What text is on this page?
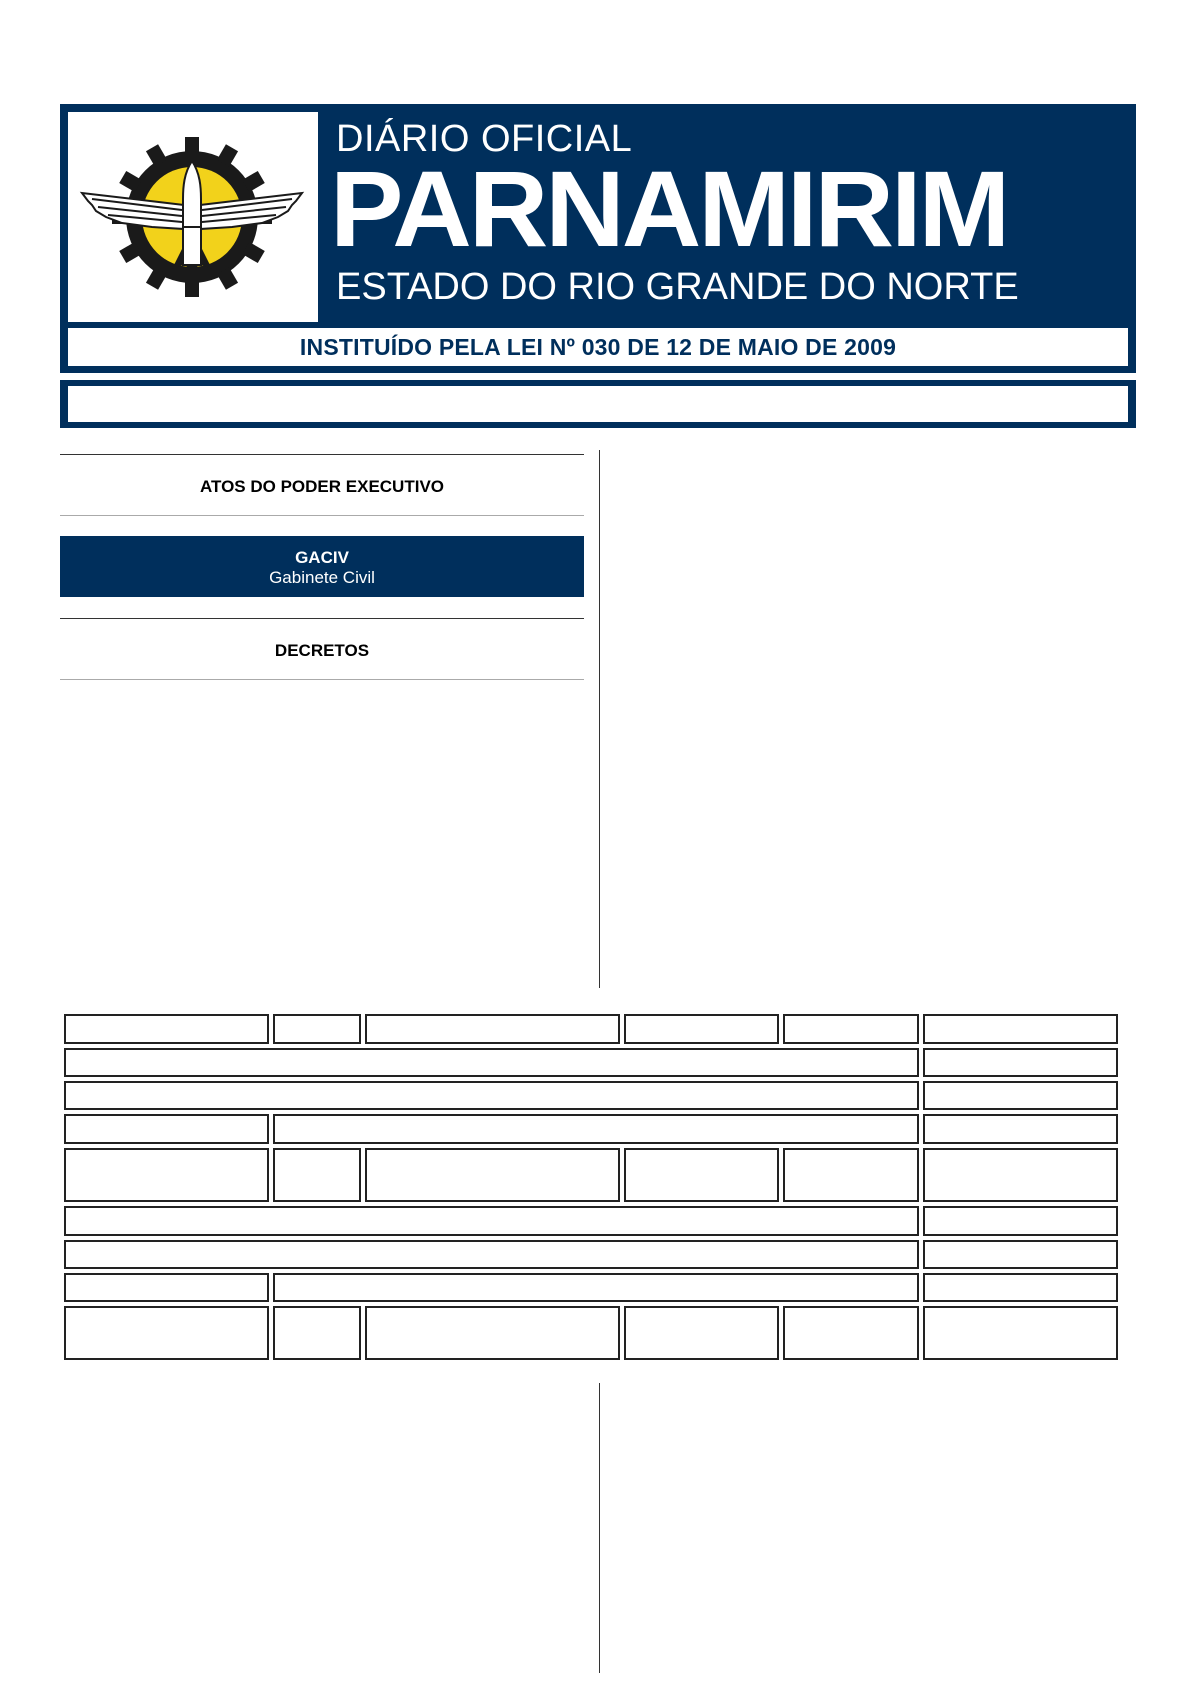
DIÁRIO OFICIAL
PARNAMIRIM
ESTADO DO RIO GRANDE DO NORTE
INSTITUÍDO PELA LEI Nº 030 DE 12 DE MAIO DE 2009
ATOS DO PODER EXECUTIVO
GACIV
Gabinete Civil
DECRETOS
